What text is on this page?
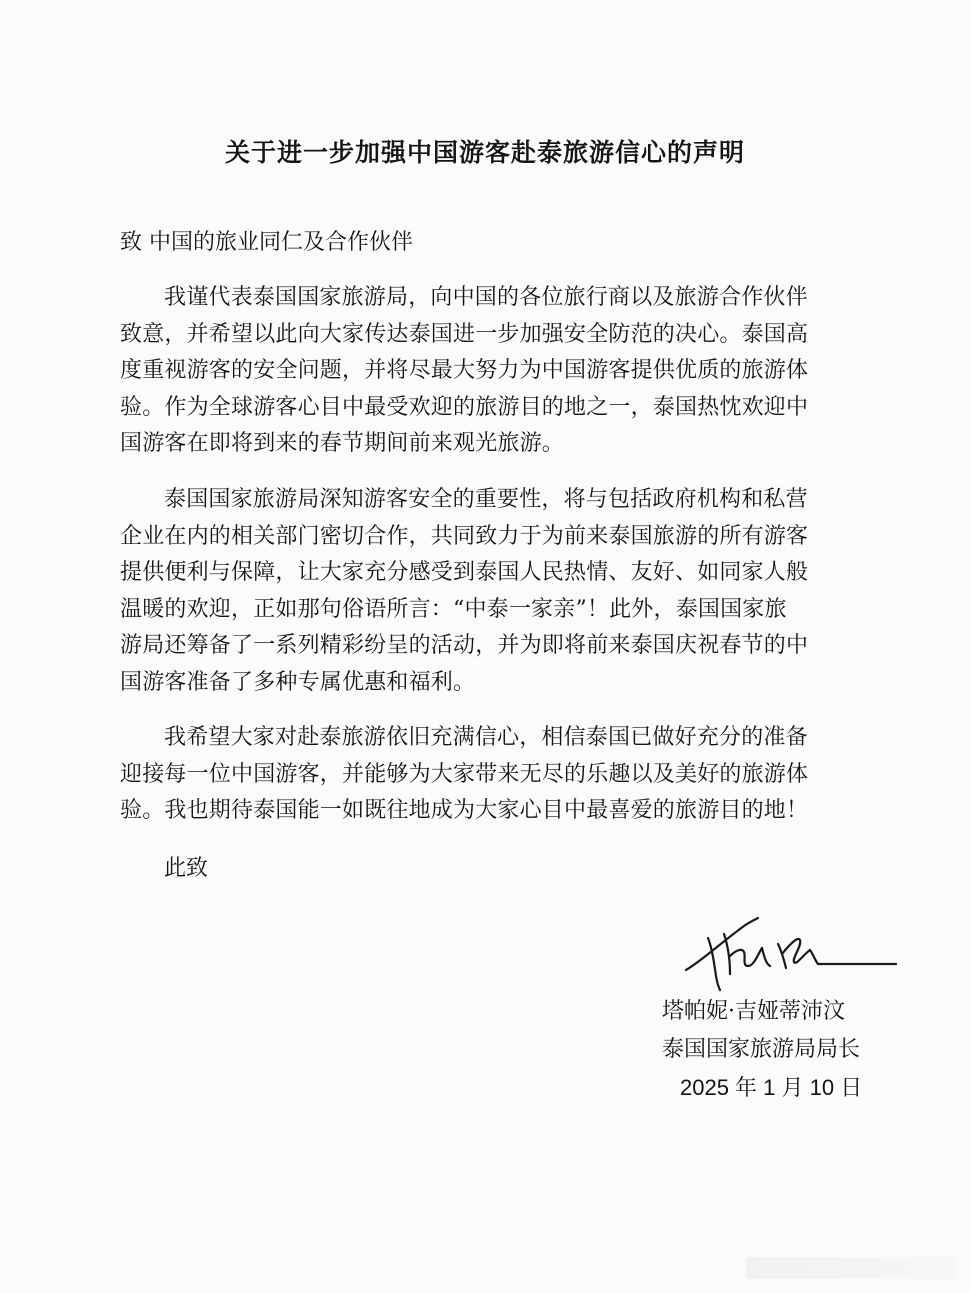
关于进一步加强中国游客赴泰旅游信心的声明
致 中国的旅业同仁及合作伙伴
我谨代表泰国国家旅游局，向中国的各位旅行商以及旅游合作伙伴
致意，并希望以此向大家传达泰国进一步加强安全防范的决心。泰国高
度重视游客的安全问题，并将尽最大努力为中国游客提供优质的旅游体
验。作为全球游客心目中最受欢迎的旅游目的地之一，泰国热忱欢迎中
国游客在即将到来的春节期间前来观光旅游。
泰国国家旅游局深知游客安全的重要性，将与包括政府机构和私营
企业在内的相关部门密切合作，共同致力于为前来泰国旅游的所有游客
提供便利与保障，让大家充分感受到泰国人民热情、友好、如同家人般
温暖的欢迎，正如那句俗语所言：“中泰一家亲”！此外，泰国国家旅
游局还筹备了一系列精彩纷呈的活动，并为即将前来泰国庆祝春节的中
国游客准备了多种专属优惠和福利。
我希望大家对赴泰旅游依旧充满信心，相信泰国已做好充分的准备
迎接每一位中国游客，并能够为大家带来无尽的乐趣以及美好的旅游体
验。我也期待泰国能一如既往地成为大家心目中最喜爱的旅游目的地！
此致
塔帕妮·吉娅蒂沛汶
泰国国家旅游局局长
2025 年 1 月 10 日
